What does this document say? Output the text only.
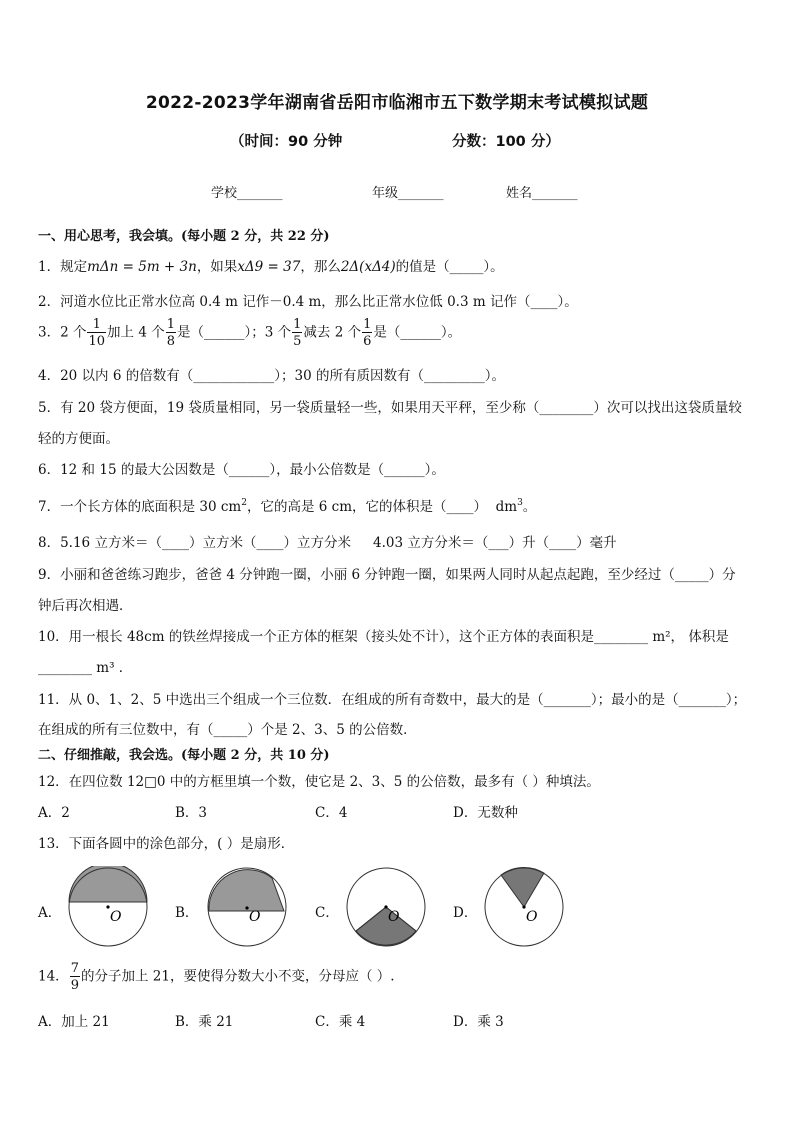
2022-2023学年湖南省岳阳市临湘市五下数学期末考试模拟试题
（时间：90 分钟	分数：100 分）
学校_______	年级_______	姓名_______
一、用心思考，我会填。(每小题 2 分，共 22 分)
1．规定mΔn = 5m + 3n，如果xΔ9 = 37，那么2Δ(xΔ4)的值是（_____）。
2．河道水位比正常水位高 0.4 m 记作－0.4 m，那么比正常水位低 0.3 m 记作（____）。
3．2 个 $\frac{1}{10}$ 加上 4 个 $\frac{1}{8}$ 是（______）；3 个 $\frac{1}{5}$ 减去 2 个 $\frac{1}{6}$ 是（______）。
4．20 以内 6 的倍数有（____________）；30 的所有质因数有（_________）。
5．有 20 袋方便面，19 袋质量相同，另一袋质量轻一些，如果用天平秤，至少称（________）次可以找出这袋质量较
轻的方便面。
6．12 和 15 的最大公因数是（______），最小公倍数是（______）。
7．一个长方体的底面积是 30 $cm^2$，它的高是 6 cm，它的体积是（____） $dm^3$。
8．5.16 立方米＝（____）立方米（____）立方分米 4.03 立方分米＝（___）升（____）毫升
9．小丽和爸爸练习跑步，爸爸 4 分钟跑一圈，小丽 6 分钟跑一圈，如果两人同时从起点起跑，至少经过（_____）分
钟后再次相遇．
10．用一根长 48cm 的铁丝焊接成一个正方体的框架（接头处不计），这个正方体的表面积是________ m²， 体积是
________ m³ ．
11．从 0、1、2、5 中选出三个组成一个三位数．在组成的所有奇数中，最大的是（_______）；最小的是（_______）；
在组成的所有三位数中，有（_____）个是 2、3、5 的公倍数．
二、仔细推敲，我会选。(每小题 2 分，共 10 分)
12．在四位数 12□0 中的方框里填一个数，使它是 2、3、5 的公倍数，最多有（ ）种填法。
A．2	B．3	C．4	D．无数种
13．下面各圆中的涂色部分，( ）是扇形．
A．	O	B．	O	C．	O	D．	O
14． $\frac{7}{9}$ 的分子加上 21，要使得分数大小不变，分母应（ ）.
A．加上 21	B．乘 21	C．乘 4	D．乘 3
